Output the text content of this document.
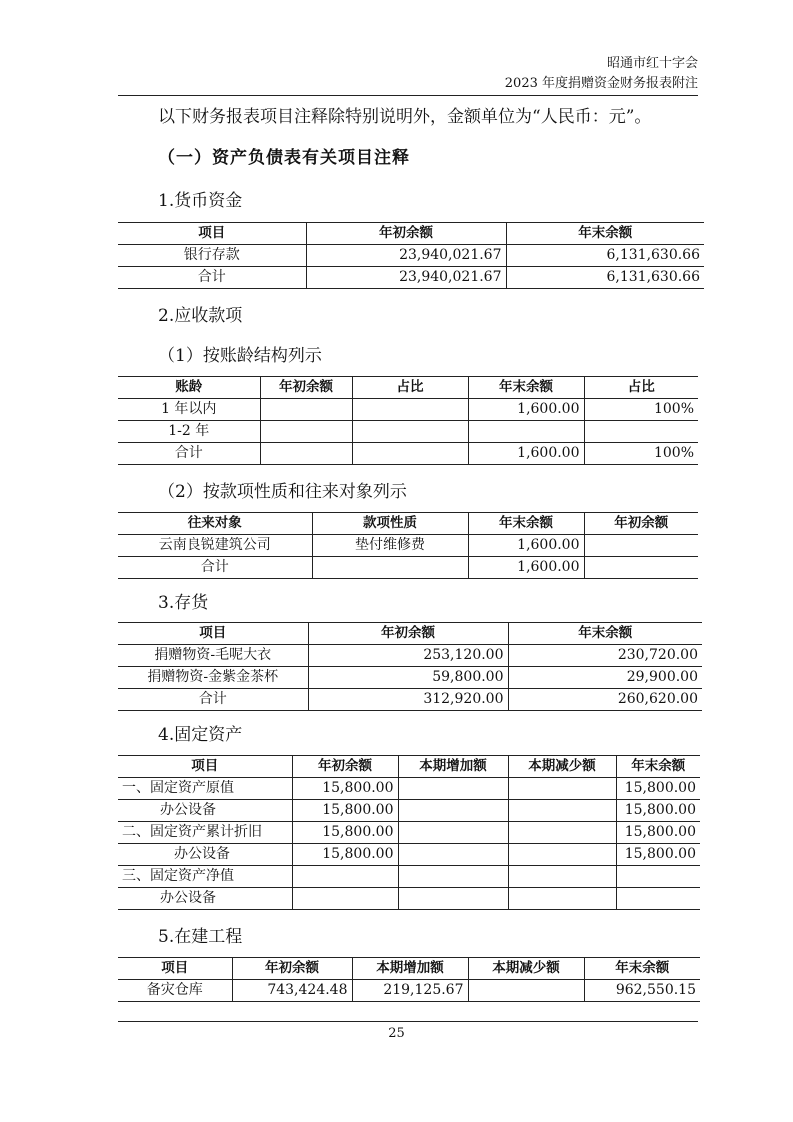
昭通市红十字会
2023 年度捐赠资金财务报表附注
以下财务报表项目注释除特别说明外，金额单位为“人民币：元”。
（一）资产负债表有关项目注释
1.货币资金
项目	年初余额	年末余额
银行存款	23,940,021.67	6,131,630.66
合计	23,940,021.67	6,131,630.66
2.应收款项
（1）按账龄结构列示
账龄	年初余额	占比	年末余额	占比
1 年以内			1,600.00	100%
1-2 年				
合计			1,600.00	100%
（2）按款项性质和往来对象列示
往来对象	款项性质	年末余额	年初余额
云南良锐建筑公司	垫付维修费	1,600.00	
合计		1,600.00	
3.存货
项目	年初余额	年末余额
捐赠物资-毛呢大衣	253,120.00	230,720.00
捐赠物资-金紫金茶杯	59,800.00	29,900.00
合计	312,920.00	260,620.00
4.固定资产
项目	年初余额	本期增加额	本期减少额	年末余额
一、固定资产原值	15,800.00			15,800.00
办公设备	15,800.00			15,800.00
二、固定资产累计折旧	15,800.00			15,800.00
办公设备	15,800.00			15,800.00
三、固定资产净值				
办公设备				
5.在建工程
项目	年初余额	本期增加额	本期减少额	年末余额
备灾仓库	743,424.48	219,125.67		962,550.15
25
